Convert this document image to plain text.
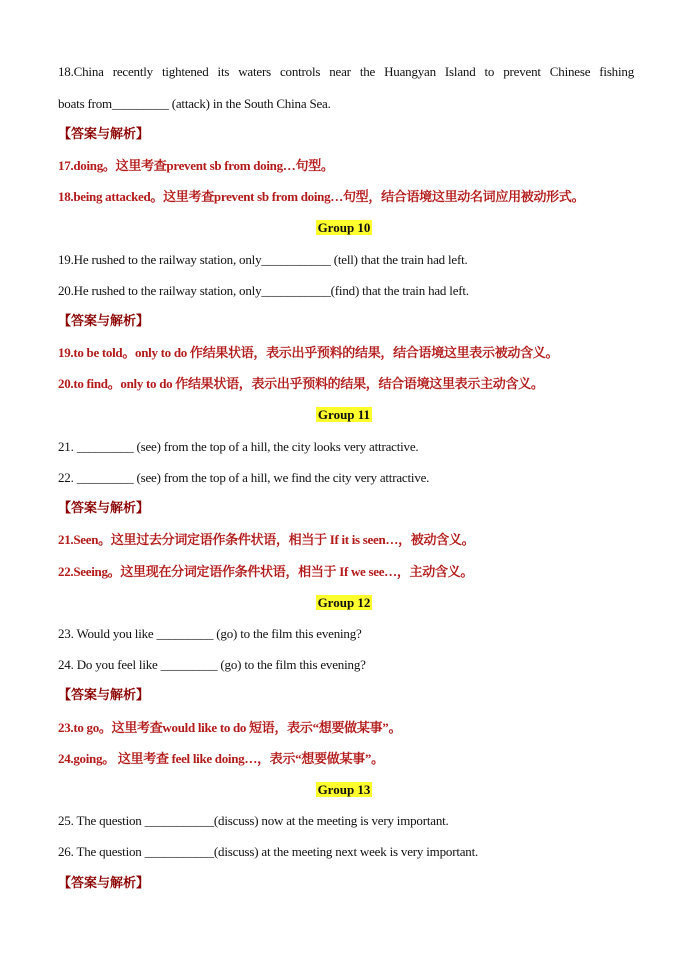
18.China recently tightened its waters controls near the Huangyan Island to prevent Chinese fishing
boats from_________ (attack) in the South China Sea.
【答案与解析】
17.doing。这里考查prevent sb from doing…句型。
18.being attacked。这里考查prevent sb from doing…句型，结合语境这里动名词应用被动形式。
Group 10
19.He rushed to the railway station, only___________ (tell) that the train had left.
20.He rushed to the railway station, only___________(find) that the train had left.
【答案与解析】
19.to be told。only to do 作结果状语，表示出乎预料的结果，结合语境这里表示被动含义。
20.to find。only to do 作结果状语，表示出乎预料的结果，结合语境这里表示主动含义。
Group 11
21. _________ (see) from the top of a hill, the city looks very attractive.
22. _________ (see) from the top of a hill, we find the city very attractive.
【答案与解析】
21.Seen。这里过去分词定语作条件状语，相当于 If it is seen…，被动含义。
22.Seeing。这里现在分词定语作条件状语，相当于 If we see…，主动含义。
Group 12
23. Would you like _________ (go) to the film this evening?
24. Do you feel like _________ (go) to the film this evening?
【答案与解析】
23.to go。这里考查would like to do 短语，表示“想要做某事”。
24.going。 这里考查 feel like doing…，表示“想要做某事”。
Group 13
25. The question ___________(discuss) now at the meeting is very important.
26. The question ___________(discuss) at the meeting next week is very important.
【答案与解析】
